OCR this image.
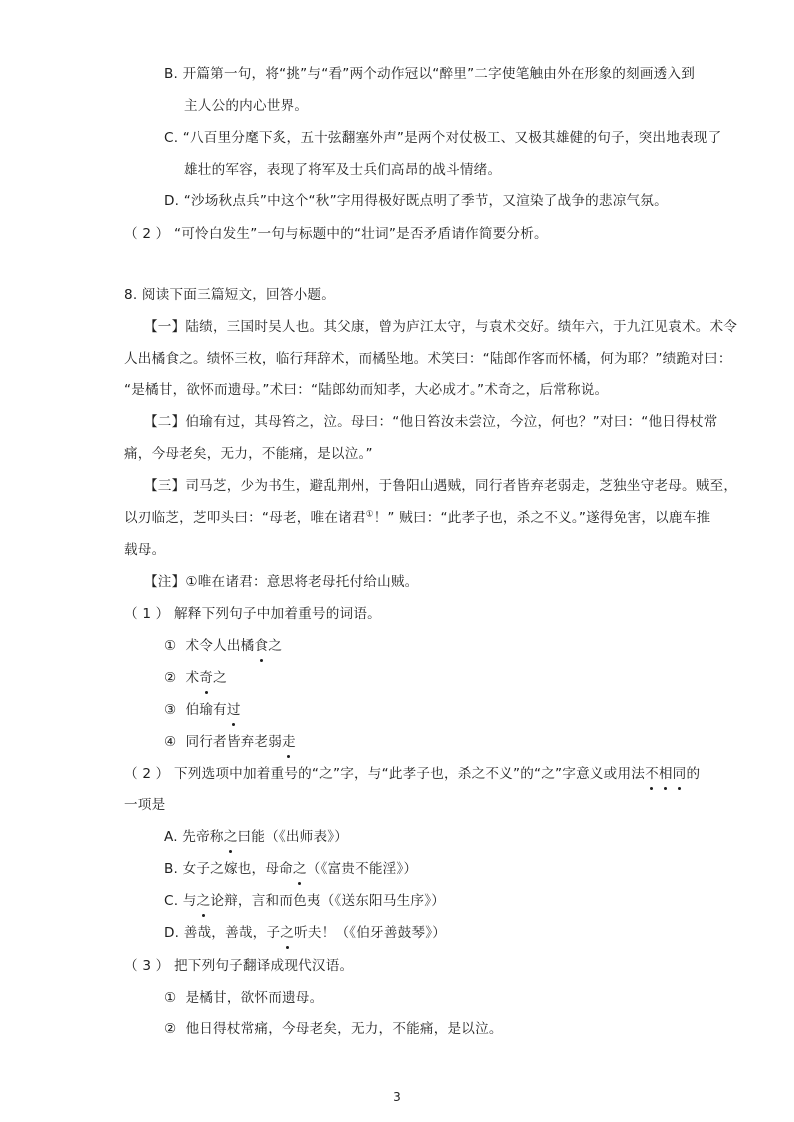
B. 开篇第一句，将“挑”与“看”两个动作冠以“醉里”二字使笔触由外在形象的刻画透入到
主人公的内心世界。
C. “八百里分麾下炙，五十弦翻塞外声”是两个对仗极工、又极其雄健的句子，突出地表现了
雄壮的军容，表现了将军及士兵们高昂的战斗情绪。
D. “沙场秋点兵”中这个“秋”字用得极好既点明了季节，又渲染了战争的悲凉气氛。
（ 2 ） “可怜白发生”一句与标题中的“壮词”是否矛盾请作简要分析。
8. 阅读下面三篇短文，回答小题。
【一】陆绩，三国时吴人也。其父康，曾为庐江太守，与袁术交好。绩年六，于九江见袁术。术令
人出橘食之。绩怀三枚，临行拜辞术，而橘坠地。术笑曰：“陆郎作客而怀橘，何为耶？”绩跪对曰：
“是橘甘，欲怀而遗母。”术曰：“陆郎幼而知孝，大必成才。”术奇之，后常称说。
【二】伯瑜有过，其母笞之，泣。母曰：“他日笞汝未尝泣，今泣，何也？”对曰：“他日得杖常
痛，今母老矣，无力，不能痛，是以泣。”
【三】司马芝，少为书生，避乱荆州，于鲁阳山遇贼，同行者皆弃老弱走，芝独坐守老母。贼至，
以刃临芝，芝叩头曰：“母老，唯在诸君①！” 贼曰：“此孝子也，杀之不义。”遂得免害，以鹿车推
载母。
【注】①唯在诸君：意思将老母托付给山贼。
（ 1 ） 解释下列句子中加着重号的词语。
① 术令人出橘食之
② 术奇之
③ 伯瑜有过
④ 同行者皆弃老弱走
（ 2 ） 下列选项中加着重号的“之”字，与“此孝子也，杀之不义”的“之”字意义或用法不相同的
一项是
A. 先帝称之曰能（《出师表》）
B. 女子之嫁也，母命之（《富贵不能淫》）
C. 与之论辩，言和而色夷（《送东阳马生序》）
D. 善哉，善哉，子之听夫！（《伯牙善鼓琴》）
（ 3 ） 把下列句子翻译成现代汉语。
① 是橘甘，欲怀而遗母。
② 他日得杖常痛，今母老矣，无力，不能痛，是以泣。
3
